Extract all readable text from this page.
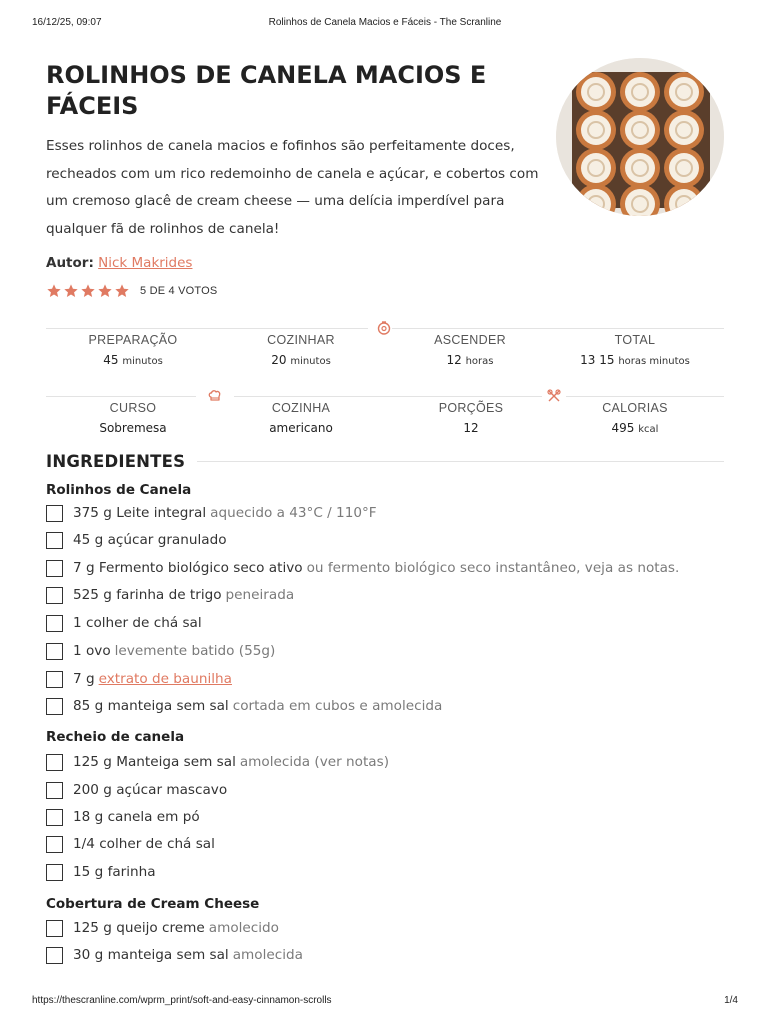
16/12/25, 09:07	Rolinhos de Canela Macios e Fáceis - The Scranline
ROLINHOS DE CANELA MACIOS E FÁCEIS

Esses rolinhos de canela macios e fofinhos são perfeitamente doces, recheados com um rico redemoinho de canela e açúcar, e cobertos com um cremoso glacê de cream cheese — uma delícia imperdível para qualquer fã de rolinhos de canela!

Autor: Nick Makrides
5 DE 4 VOTOS
PREPARAÇÃO
45 minutos
COZINHAR
20 minutos
ASCENDER
12 horas
TOTAL
13 15 horas minutos
CURSO
Sobremesa
COZINHA
americano
PORÇÕES
12
CALORIAS
495 kcal
INGREDIENTES
Rolinhos de Canela
375 g Leite integral aquecido a 43°C / 110°F
45 g açúcar granulado
7 g Fermento biológico seco ativo ou fermento biológico seco instantâneo, veja as notas.
525 g farinha de trigo peneirada
1 colher de chá sal
1 ovo levemente batido (55g)
7 g extrato de baunilha
85 g manteiga sem sal cortada em cubos e amolecida
Recheio de canela
125 g Manteiga sem sal amolecida (ver notas)
200 g açúcar mascavo
18 g canela em pó
1/4 colher de chá sal
15 g farinha
Cobertura de Cream Cheese
125 g queijo creme amolecido
30 g manteiga sem sal amolecida
https://thescranline.com/wprm_print/soft-and-easy-cinnamon-scrolls	1/4
